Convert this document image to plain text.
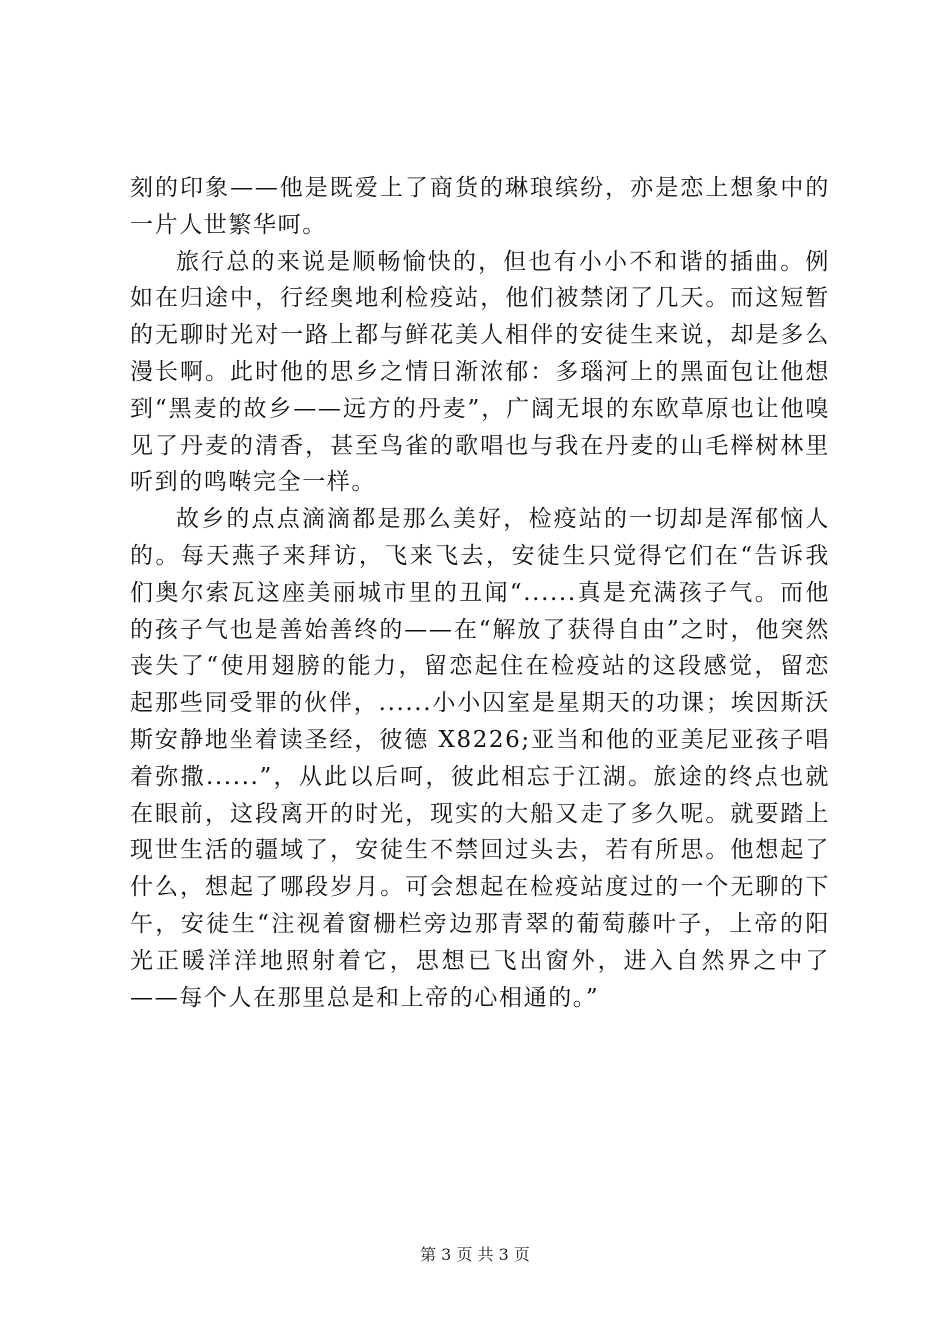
刻的印象——他是既爱上了商货的琳琅缤纷，亦是恋上想象中的一片人世繁华呵。

旅行总的来说是顺畅愉快的，但也有小小不和谐的插曲。例如在归途中，行经奥地利检疫站，他们被禁闭了几天。而这短暂的无聊时光对一路上都与鲜花美人相伴的安徒生来说，却是多么漫长啊。此时他的思乡之情日渐浓郁：多瑙河上的黑面包让他想到“黑麦的故乡——远方的丹麦”，广阔无垠的东欧草原也让他嗅见了丹麦的清香，甚至鸟雀的歌唱也与我在丹麦的山毛榉树林里听到的鸣啭完全一样。

故乡的点点滴滴都是那么美好，检疫站的一切却是浑郁恼人的。每天燕子来拜访，飞来飞去，安徒生只觉得它们在“告诉我们奥尔索瓦这座美丽城市里的丑闻“......真是充满孩子气。而他的孩子气也是善始善终的——在“解放了获得自由”之时，他突然丧失了“使用翅膀的能力，留恋起住在检疫站的这段感觉，留恋起那些同受罪的伙伴，......小小囚室是星期天的功课；埃因斯沃斯安静地坐着读圣经，彼德 X8226;亚当和他的亚美尼亚孩子唱着弥撒......”，从此以后呵，彼此相忘于江湖。旅途的终点也就在眼前，这段离开的时光，现实的大船又走了多久呢。就要踏上现世生活的疆域了，安徒生不禁回过头去，若有所思。他想起了什么，想起了哪段岁月。可会想起在检疫站度过的一个无聊的下午，安徒生“注视着窗栅栏旁边那青翠的葡萄藤叶子，上帝的阳光正暖洋洋地照射着它，思想已飞出窗外，进入自然界之中了——每个人在那里总是和上帝的心相通的。”

第 3 页 共 3 页
